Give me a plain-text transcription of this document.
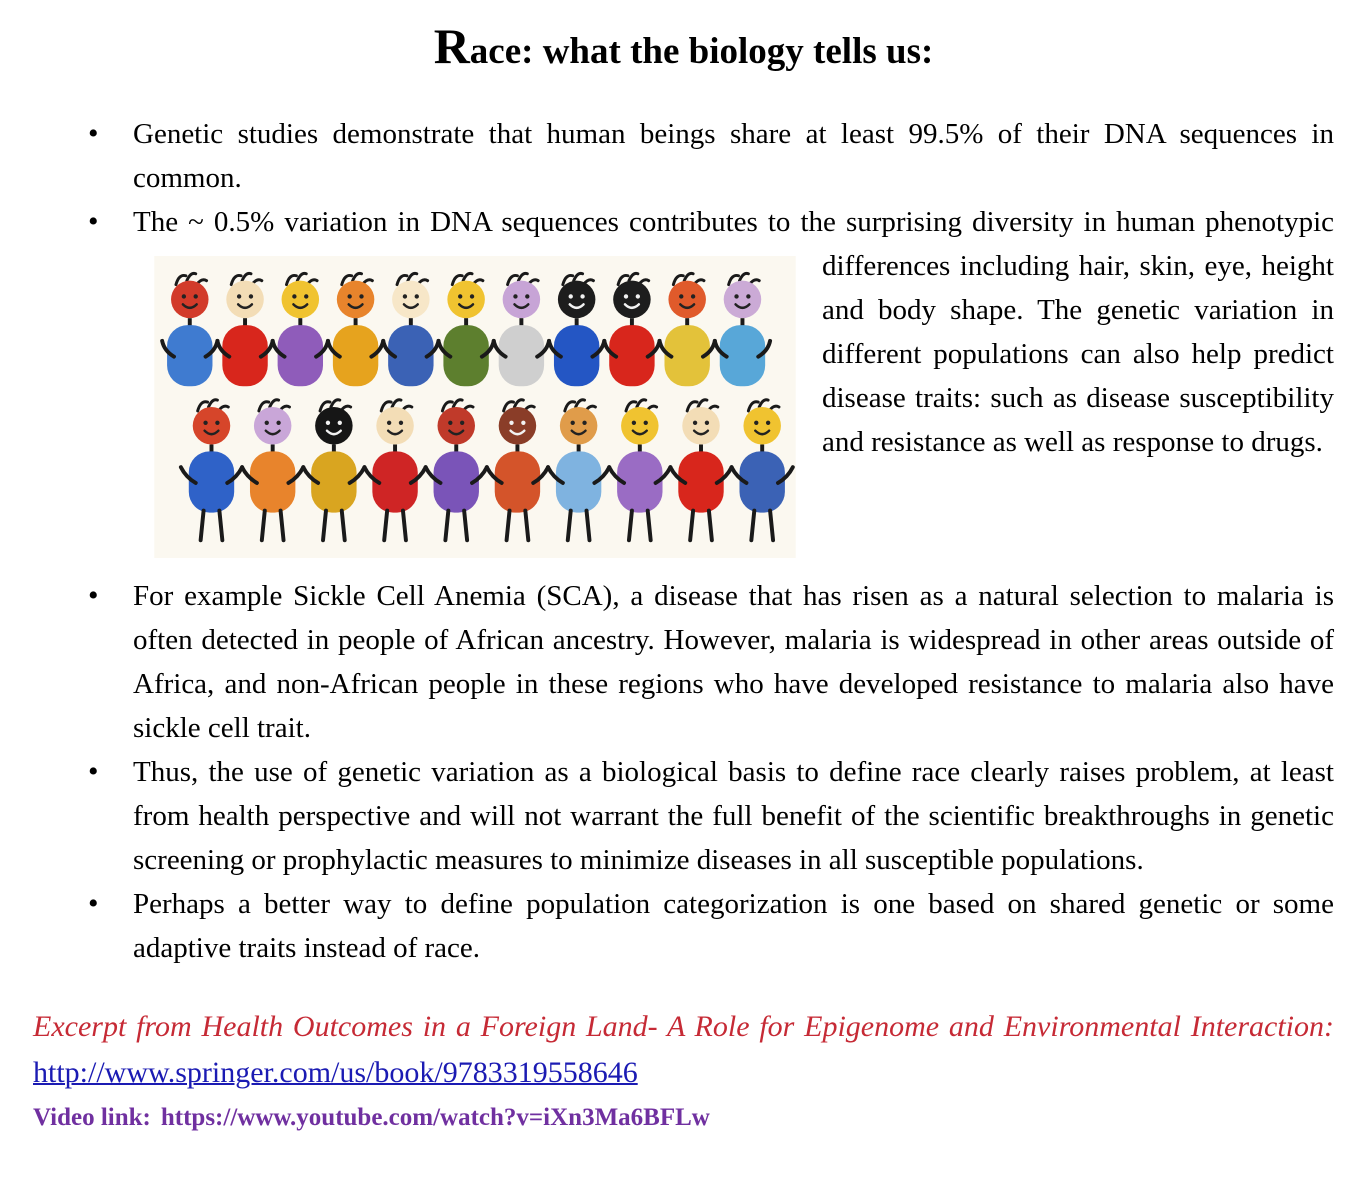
Race: what the biology tells us:
• Genetic studies demonstrate that human beings share at least 99.5% of their DNA sequences in common.
• The ~ 0.5% variation in DNA sequences contributes to the surprising diversity in human phenotypic differences including hair, skin, eye, height and body shape. The genetic variation in different populations can also help predict disease traits: such as disease susceptibility and resistance as well as response to drugs.
• For example Sickle Cell Anemia (SCA), a disease that has risen as a natural selection to malaria is often detected in people of African ancestry. However, malaria is widespread in other areas outside of Africa, and non-African people in these regions who have developed resistance to malaria also have sickle cell trait.
• Thus, the use of genetic variation as a biological basis to define race clearly raises problem, at least from health perspective and will not warrant the full benefit of the scientific breakthroughs in genetic screening or prophylactic measures to minimize diseases in all susceptible populations.
• Perhaps a better way to define population categorization is one based on shared genetic or some adaptive traits instead of race.

Excerpt from Health Outcomes in a Foreign Land- A Role for Epigenome and Environmental Interaction: http://www.springer.com/us/book/9783319558646

Video link: https://www.youtube.com/watch?v=iXn3Ma6BFLw
